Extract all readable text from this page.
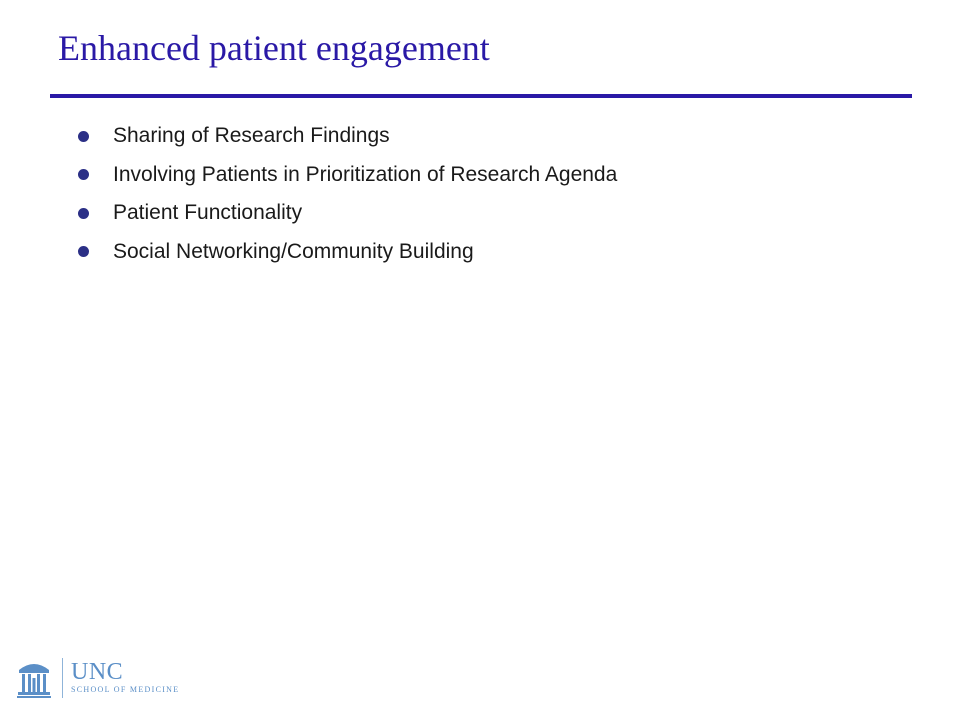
Enhanced patient engagement
Sharing of Research Findings
Involving Patients in Prioritization of Research Agenda
Patient Functionality
Social Networking/Community Building
UNC
SCHOOL OF MEDICINE
